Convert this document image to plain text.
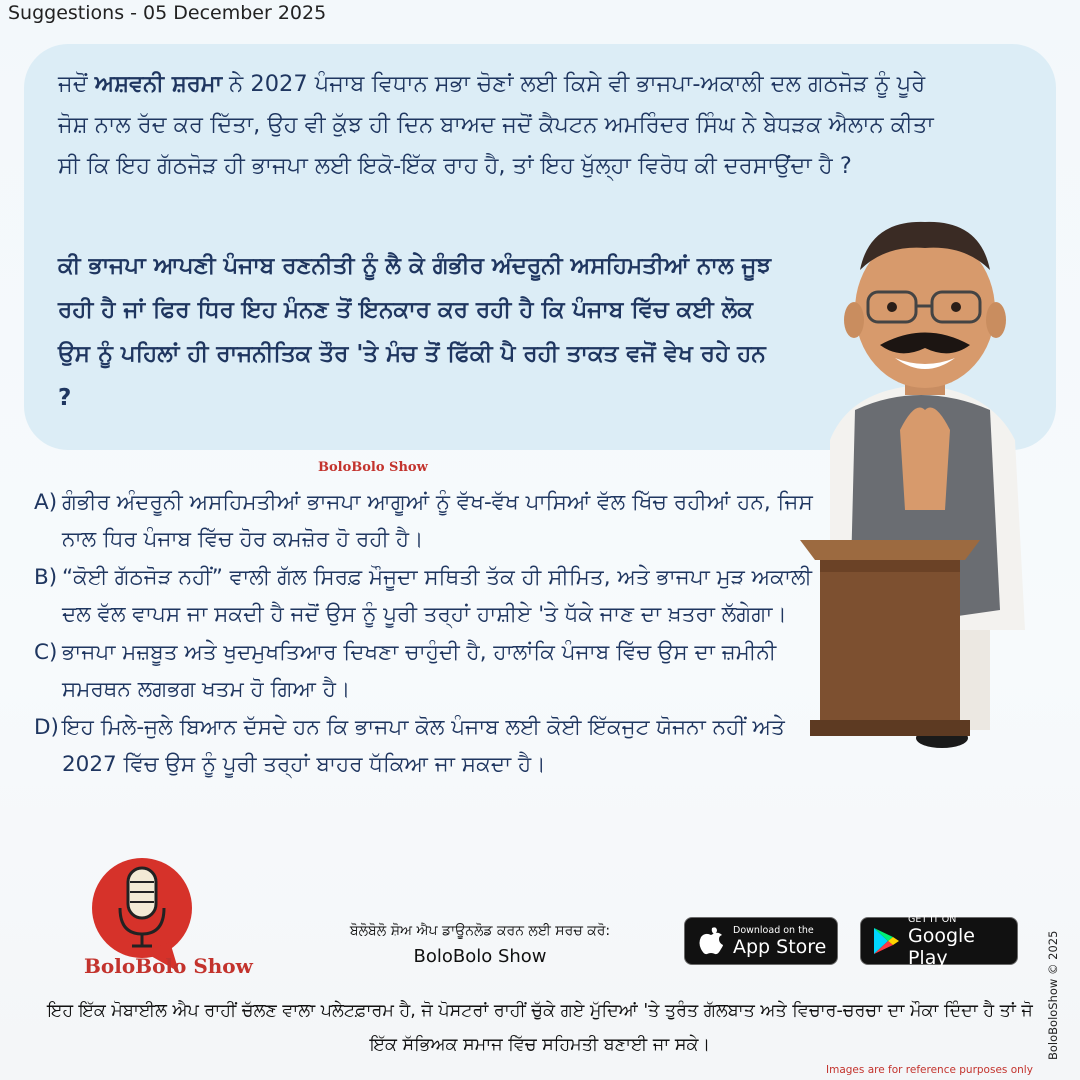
Suggestions - 05 December 2025
ਜਦੋਂ ਅਸ਼ਵਨੀ ਸ਼ਰਮਾ ਨੇ 2027 ਪੰਜਾਬ ਵਿਧਾਨ ਸਭਾ ਚੋਣਾਂ ਲਈ ਕਿਸੇ ਵੀ ਭਾਜਪਾ-ਅਕਾਲੀ ਦਲ ਗਠਜੋੜ ਨੂੰ ਪੂਰੇ ਜੋਸ਼ ਨਾਲ ਰੱਦ ਕਰ ਦਿੱਤਾ, ਉਹ ਵੀ ਕੁੱਝ ਹੀ ਦਿਨ ਬਾਅਦ ਜਦੋਂ ਕੈਪਟਨ ਅਮਰਿੰਦਰ ਸਿੰਘ ਨੇ ਬੇਧੜਕ ਐਲਾਨ ਕੀਤਾ ਸੀ ਕਿ ਇਹ ਗੱਠਜੋੜ ਹੀ ਭਾਜਪਾ ਲਈ ਇਕੋ-ਇੱਕ ਰਾਹ ਹੈ, ਤਾਂ ਇਹ ਖੁੱਲ੍ਹਾ ਵਿਰੋਧ ਕੀ ਦਰਸਾਉਂਦਾ ਹੈ ?
ਕੀ ਭਾਜਪਾ ਆਪਣੀ ਪੰਜਾਬ ਰਣਨੀਤੀ ਨੂੰ ਲੈ ਕੇ ਗੰਭੀਰ ਅੰਦਰੂਨੀ ਅਸਹਿਮਤੀਆਂ ਨਾਲ ਜੂਝ ਰਹੀ ਹੈ ਜਾਂ ਫਿਰ ਧਿਰ ਇਹ ਮੰਨਣ ਤੋਂ ਇਨਕਾਰ ਕਰ ਰਹੀ ਹੈ ਕਿ ਪੰਜਾਬ ਵਿੱਚ ਕਈ ਲੋਕ ਉਸ ਨੂੰ ਪਹਿਲਾਂ ਹੀ ਰਾਜਨੀਤਿਕ ਤੌਰ 'ਤੇ ਮੰਚ ਤੋਂ ਫਿੱਕੀ ਪੈ ਰਹੀ ਤਾਕਤ ਵਜੋਂ ਵੇਖ ਰਹੇ ਹਨ ?
BoloBolo Show
A) ਗੰਭੀਰ ਅੰਦਰੂਨੀ ਅਸਹਿਮਤੀਆਂ ਭਾਜਪਾ ਆਗੂਆਂ ਨੂੰ ਵੱਖ-ਵੱਖ ਪਾਸਿਆਂ ਵੱਲ ਖਿੱਚ ਰਹੀਆਂ ਹਨ, ਜਿਸ ਨਾਲ ਧਿਰ ਪੰਜਾਬ ਵਿੱਚ ਹੋਰ ਕਮਜ਼ੋਰ ਹੋ ਰਹੀ ਹੈ।
B) “ਕੋਈ ਗੱਠਜੋੜ ਨਹੀਂ” ਵਾਲੀ ਗੱਲ ਸਿਰਫ਼ ਮੌਜੂਦਾ ਸਥਿਤੀ ਤੱਕ ਹੀ ਸੀਮਿਤ, ਅਤੇ ਭਾਜਪਾ ਮੁੜ ਅਕਾਲੀ ਦਲ ਵੱਲ ਵਾਪਸ ਜਾ ਸਕਦੀ ਹੈ ਜਦੋਂ ਉਸ ਨੂੰ ਪੂਰੀ ਤਰ੍ਹਾਂ ਹਾਸ਼ੀਏ 'ਤੇ ਧੱਕੇ ਜਾਣ ਦਾ ਖ਼ਤਰਾ ਲੱਗੇਗਾ।
C) ਭਾਜਪਾ ਮਜ਼ਬੂਤ ਅਤੇ ਖੁਦਮੁਖਤਿਆਰ ਦਿਖਣਾ ਚਾਹੁੰਦੀ ਹੈ, ਹਾਲਾਂਕਿ ਪੰਜਾਬ ਵਿੱਚ ਉਸ ਦਾ ਜ਼ਮੀਨੀ ਸਮਰਥਨ ਲਗਭਗ ਖਤਮ ਹੋ ਗਿਆ ਹੈ।
D) ਇਹ ਮਿਲੇ-ਜੁਲੇ ਬਿਆਨ ਦੱਸਦੇ ਹਨ ਕਿ ਭਾਜਪਾ ਕੋਲ ਪੰਜਾਬ ਲਈ ਕੋਈ ਇੱਕਜੁਟ ਯੋਜਨਾ ਨਹੀਂ ਅਤੇ 2027 ਵਿੱਚ ਉਸ ਨੂੰ ਪੂਰੀ ਤਰ੍ਹਾਂ ਬਾਹਰ ਧੱਕਿਆ ਜਾ ਸਕਦਾ ਹੈ।
BoloBolo Show
ਬੋਲੋਬੋਲੋ ਸ਼ੋਅ ਐਪ ਡਾਊਨਲੋਡ ਕਰਨ ਲਈ ਸਰਚ ਕਰੋ:
BoloBolo Show
Download on the
App Store
GET IT ON
Google Play
ਇਹ ਇੱਕ ਮੋਬਾਈਲ ਐਪ ਰਾਹੀਂ ਚੱਲਣ ਵਾਲਾ ਪਲੇਟਫ਼ਾਰਮ ਹੈ, ਜੋ ਪੋਸਟਰਾਂ ਰਾਹੀਂ ਚੁੱਕੇ ਗਏ ਮੁੱਦਿਆਂ 'ਤੇ ਤੁਰੰਤ ਗੱਲਬਾਤ ਅਤੇ ਵਿਚਾਰ-ਚਰਚਾ ਦਾ ਮੌਕਾ ਦਿੰਦਾ ਹੈ ਤਾਂ ਜੋ ਇੱਕ ਸੱਭਿਅਕ ਸਮਾਜ ਵਿੱਚ ਸਹਿਮਤੀ ਬਣਾਈ ਜਾ ਸਕੇ।	BoloBoloShow © 2025
Images are for reference purposes only
